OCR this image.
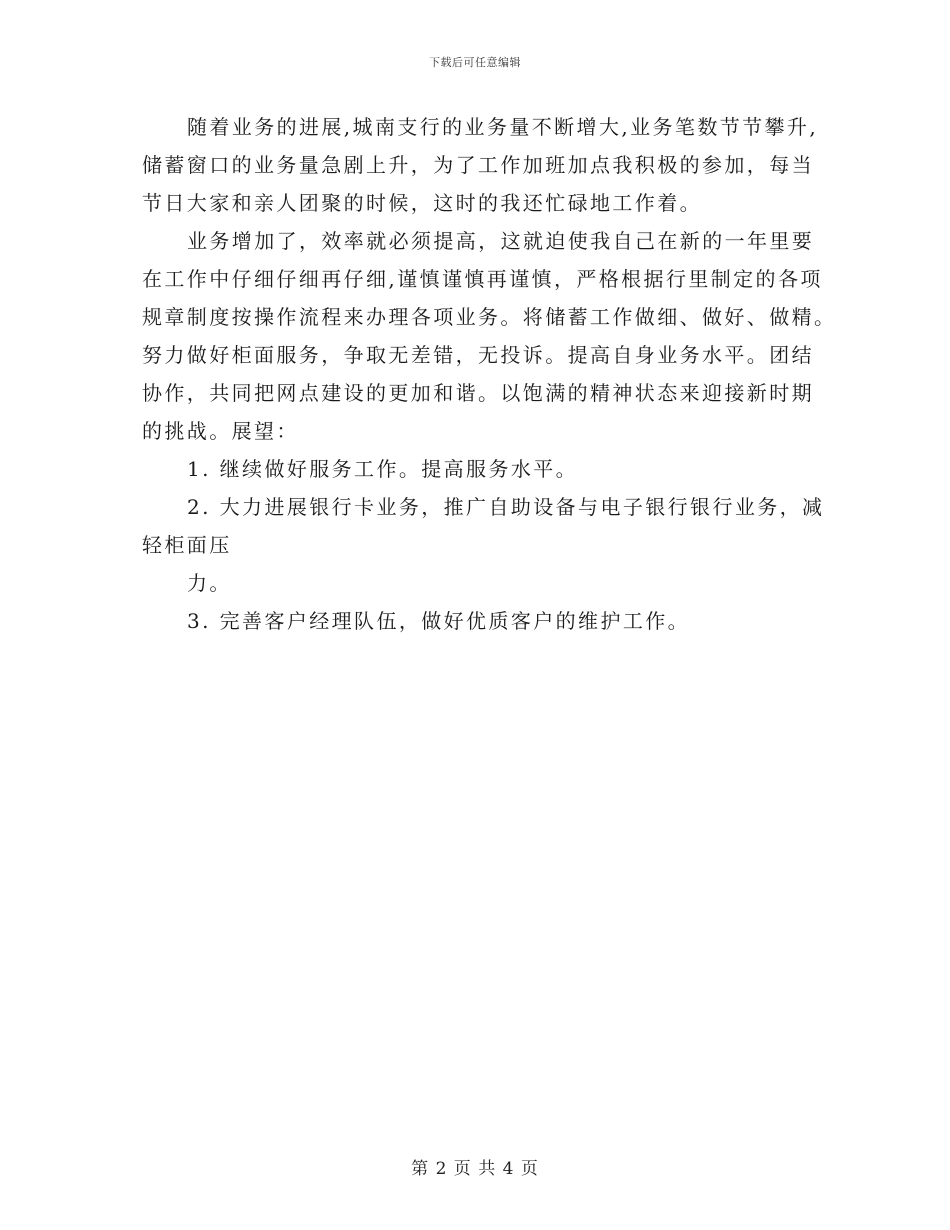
下载后可任意编辑
随着业务的进展,城南支行的业务量不断增大,业务笔数节节攀升,
储蓄窗口的业务量急剧上升，为了工作加班加点我积极的参加，每当
节日大家和亲人团聚的时候，这时的我还忙碌地工作着。
业务增加了，效率就必须提高，这就迫使我自己在新的一年里要
在工作中仔细仔细再仔细,谨慎谨慎再谨慎，严格根据行里制定的各项
规章制度按操作流程来办理各项业务。将储蓄工作做细、做好、做精。
努力做好柜面服务，争取无差错，无投诉。提高自身业务水平。团结
协作，共同把网点建设的更加和谐。以饱满的精神状态来迎接新时期
的挑战。展望：
1. 继续做好服务工作。提高服务水平。
2. 大力进展银行卡业务，推广自助设备与电子银行银行业务，减
轻柜面压
力。
3. 完善客户经理队伍，做好优质客户的维护工作。
第 2 页 共 4 页
